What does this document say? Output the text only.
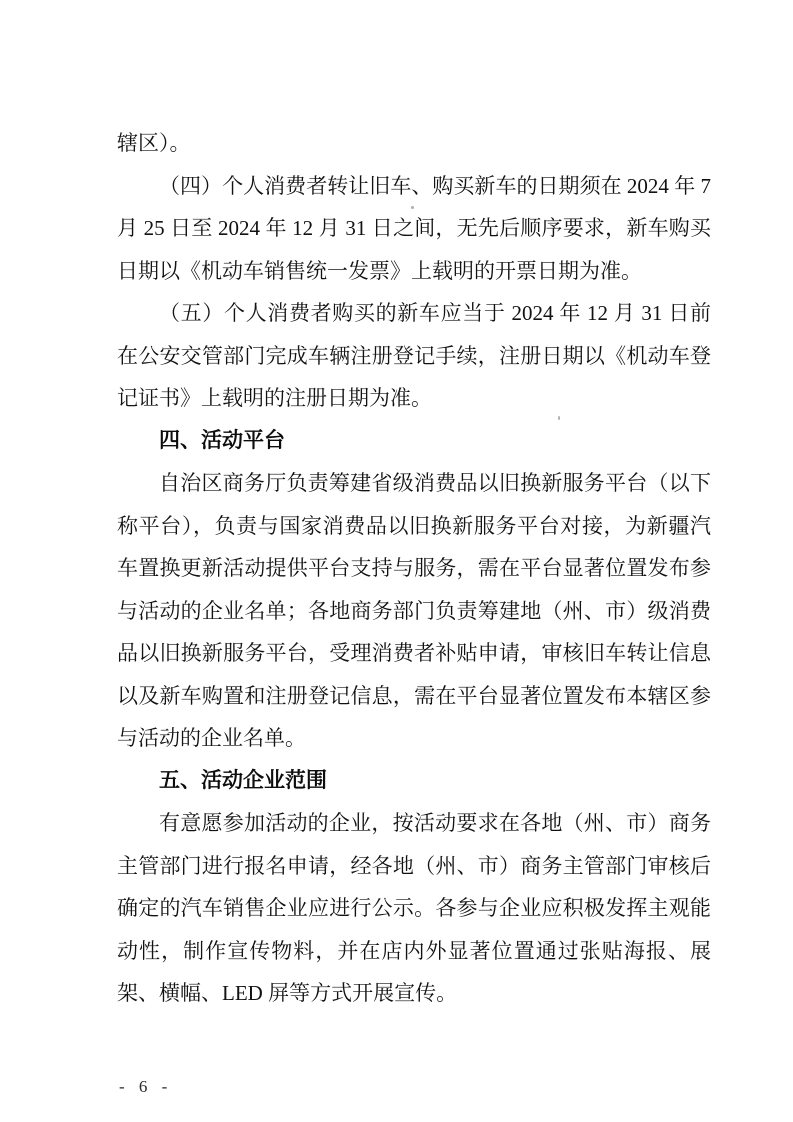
辖区）。

（四）个人消费者转让旧车、购买新车的日期须在 2024 年 7 月 25 日至 2024 年 12 月 31 日之间，无先后顺序要求，新车购买日期以《机动车销售统一发票》上载明的开票日期为准。

（五）个人消费者购买的新车应当于 2024 年 12 月 31 日前在公安交管部门完成车辆注册登记手续，注册日期以《机动车登记证书》上载明的注册日期为准。

四、活动平台

自治区商务厅负责筹建省级消费品以旧换新服务平台（以下称平台），负责与国家消费品以旧换新服务平台对接，为新疆汽车置换更新活动提供平台支持与服务，需在平台显著位置发布参与活动的企业名单；各地商务部门负责筹建地（州、市）级消费品以旧换新服务平台，受理消费者补贴申请，审核旧车转让信息以及新车购置和注册登记信息，需在平台显著位置发布本辖区参与活动的企业名单。

五、活动企业范围

有意愿参加活动的企业，按活动要求在各地（州、市）商务主管部门进行报名申请，经各地（州、市）商务主管部门审核后确定的汽车销售企业应进行公示。各参与企业应积极发挥主观能动性，制作宣传物料，并在店内外显著位置通过张贴海报、展架、横幅、LED 屏等方式开展宣传。

- 6 -
